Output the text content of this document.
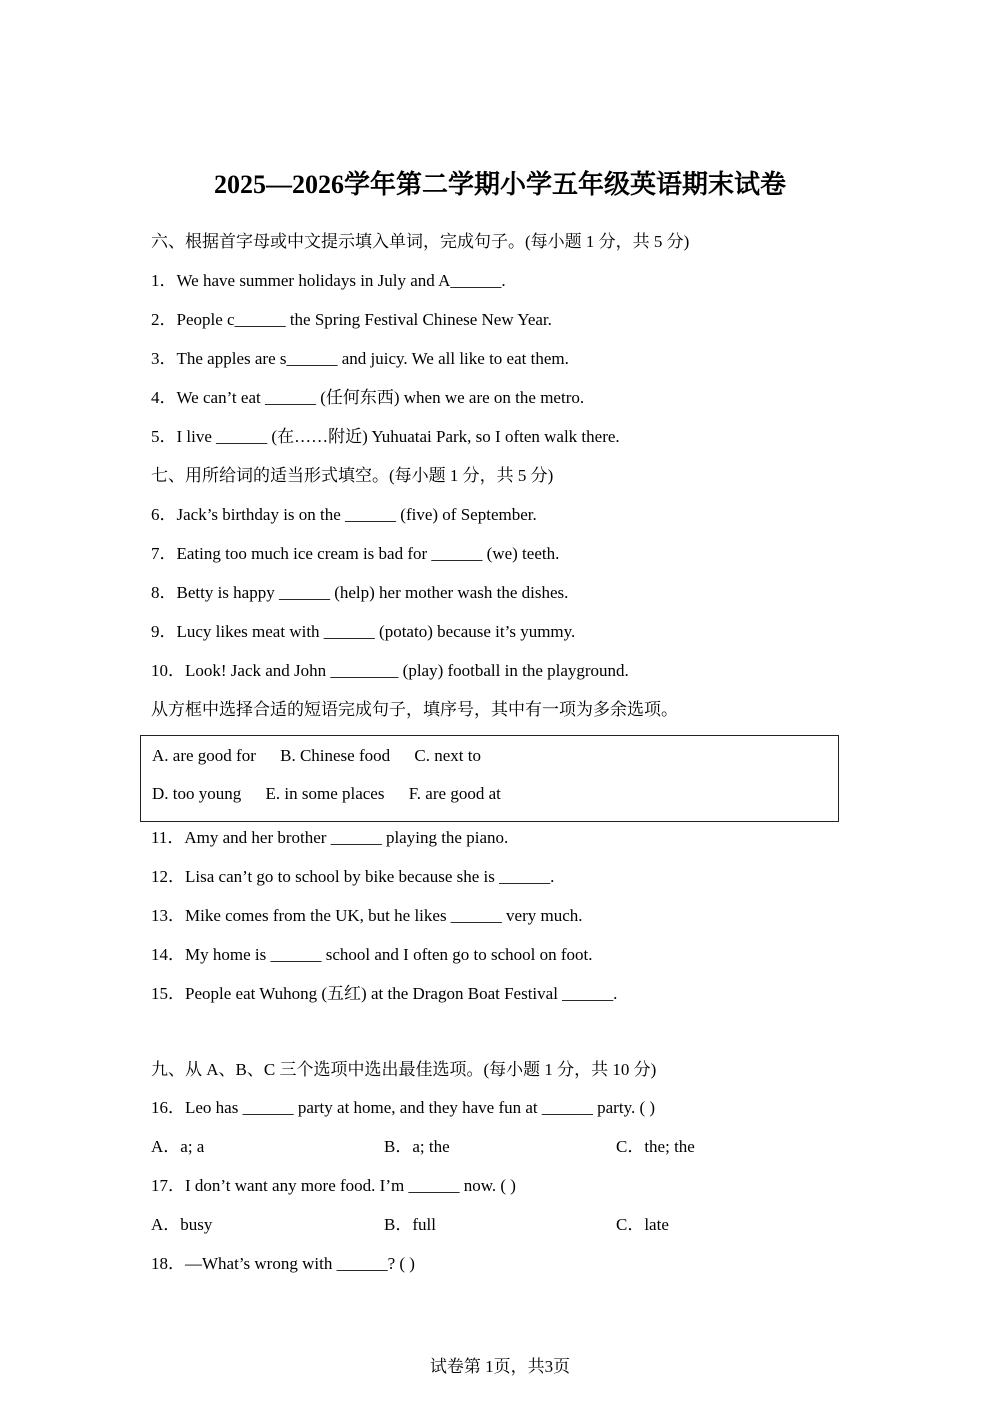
2025—2026学年第二学期小学五年级英语期末试卷
六、根据首字母或中文提示填入单词，完成句子。(每小题 1 分，共 5 分)
1．We have summer holidays in July and A______.
2．People c______ the Spring Festival Chinese New Year.
3．The apples are s______ and juicy. We all like to eat them.
4．We can’t eat ______ (任何东西) when we are on the metro.
5．I live ______ (在……附近) Yuhuatai Park, so I often walk there.
七、用所给词的适当形式填空。(每小题 1 分，共 5 分)
6．Jack’s birthday is on the ______ (five) of September.
7．Eating too much ice cream is bad for ______ (we) teeth.
8．Betty is happy ______ (help) her mother wash the dishes.
9．Lucy likes meat with ______ (potato) because it’s yummy.
10．Look! Jack and John ________ (play) football in the playground.
从方框中选择合适的短语完成句子，填序号，其中有一项为多余选项。
A. are good for B. Chinese food C. next to
D. too young E. in some places F. are good at
11．Amy and her brother ______ playing the piano.
12．Lisa can’t go to school by bike because she is ______.
13．Mike comes from the UK, but he likes ______ very much.
14．My home is ______ school and I often go to school on foot.
15．People eat Wuhong (五红) at the Dragon Boat Festival ______.
九、从 A、B、C 三个选项中选出最佳选项。(每小题 1 分，共 10 分)
16．Leo has ______ party at home, and they have fun at ______ party. ( )
A．a; a	B．a; the	C．the; the
17．I don’t want any more food. I’m ______ now. ( )
A．busy	B．full	C．late
18．—What’s wrong with ______? ( )
试卷第 1页，共3页
